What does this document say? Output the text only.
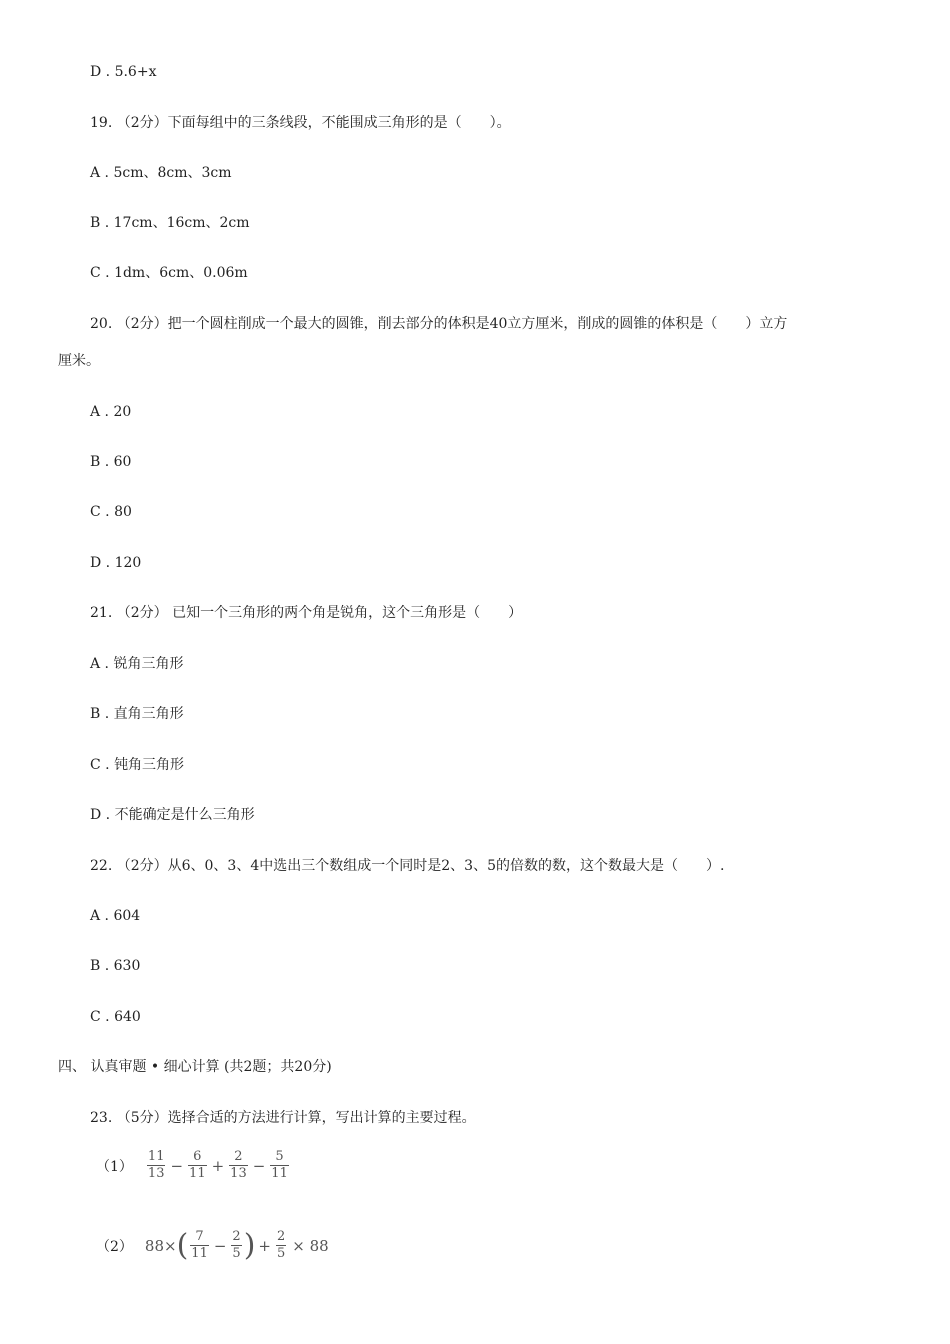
D . 5.6+x
19. （2分）下面每组中的三条线段，不能围成三角形的是（　　）。
A . 5cm、8cm、3cm
B . 17cm、16cm、2cm
C . 1dm、6cm、0.06m
20. （2分）把一个圆柱削成一个最大的圆锥，削去部分的体积是40立方厘米，削成的圆锥的体积是（　　）立方
厘米。
A . 20
B . 60
C . 80
D . 120
21. （2分） 已知一个三角形的两个角是锐角，这个三角形是（　　）
A . 锐角三角形
B . 直角三角形
C . 钝角三角形
D . 不能确定是什么三角形
22. （2分）从6、0、3、4中选出三个数组成一个同时是2、3、5的倍数的数，这个数最大是（　　）.
A . 604
B . 630
C . 640
四、 认真审题 • 细心计算 (共2题；共20分)
23. （5分）选择合适的方法进行计算，写出计算的主要过程。
$(1) \frac{11}{13} - \frac{6}{11} + \frac{2}{13} - \frac{5}{11}$
（2） 88× ( $\frac{7}{11} - \frac{2}{5}$ ) + $\frac{2}{5} \times 88$
